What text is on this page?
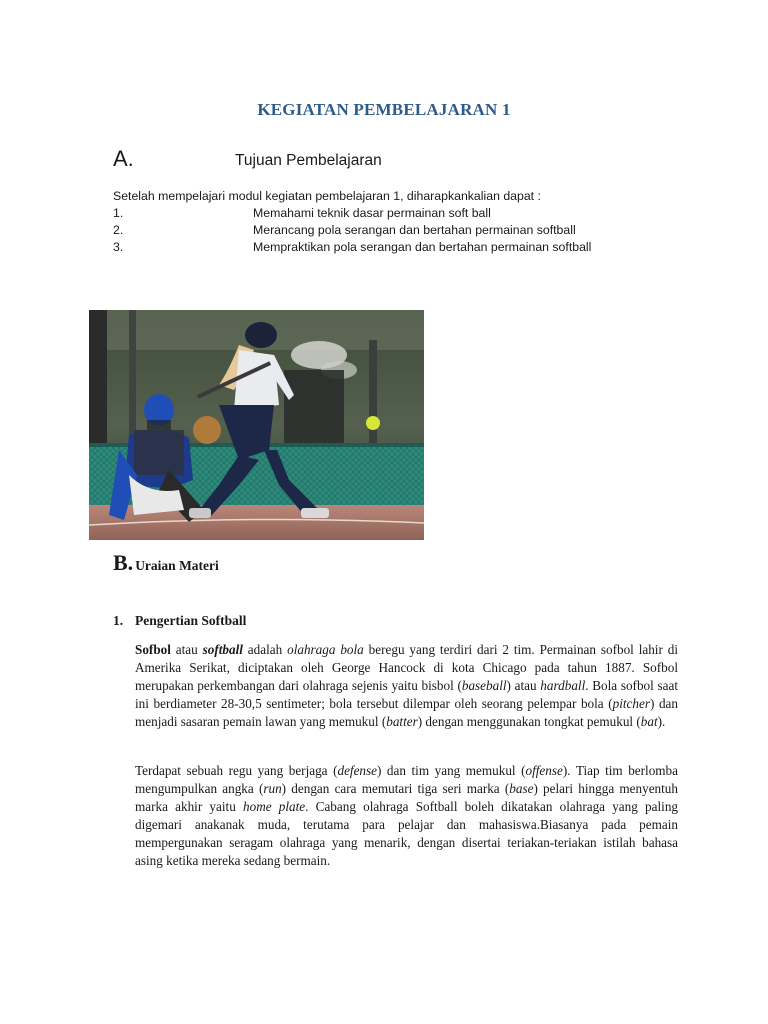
KEGIATAN PEMBELAJARAN 1
A.	Tujuan Pembelajaran
Setelah mempelajari modul kegiatan pembelajaran 1, diharapkankalian dapat :
1.	Memahami teknik dasar permainan soft ball
2.	Merancang pola serangan dan bertahan permainan softball
3.	Mempraktikan pola serangan dan bertahan permainan softball
B. Uraian Materi
1. Pengertian Softball
Sofbol atau softball adalah olahraga bola beregu yang terdiri dari 2 tim. Permainan sofbol lahir di Amerika Serikat, diciptakan oleh George Hancock di kota Chicago pada tahun 1887. Sofbol merupakan perkembangan dari olahraga sejenis yaitu bisbol (baseball) atau hardball. Bola sofbol saat ini berdiameter 28-30,5 sentimeter; bola tersebut dilempar oleh seorang pelempar bola (pitcher) dan menjadi sasaran pemain lawan yang memukul (batter) dengan menggunakan tongkat pemukul (bat).
Terdapat sebuah regu yang berjaga (defense) dan tim yang memukul (offense). Tiap tim berlomba mengumpulkan angka (run) dengan cara memutari tiga seri marka (base) pelari hingga menyentuh marka akhir yaitu home plate. Cabang olahraga Softball boleh dikatakan olahraga yang paling digemari anakanak muda, terutama para pelajar dan mahasiswa.Biasanya pada pemain mempergunakan seragam olahraga yang menarik, dengan disertai teriakan-teriakan istilah bahasa asing ketika mereka sedang bermain.
